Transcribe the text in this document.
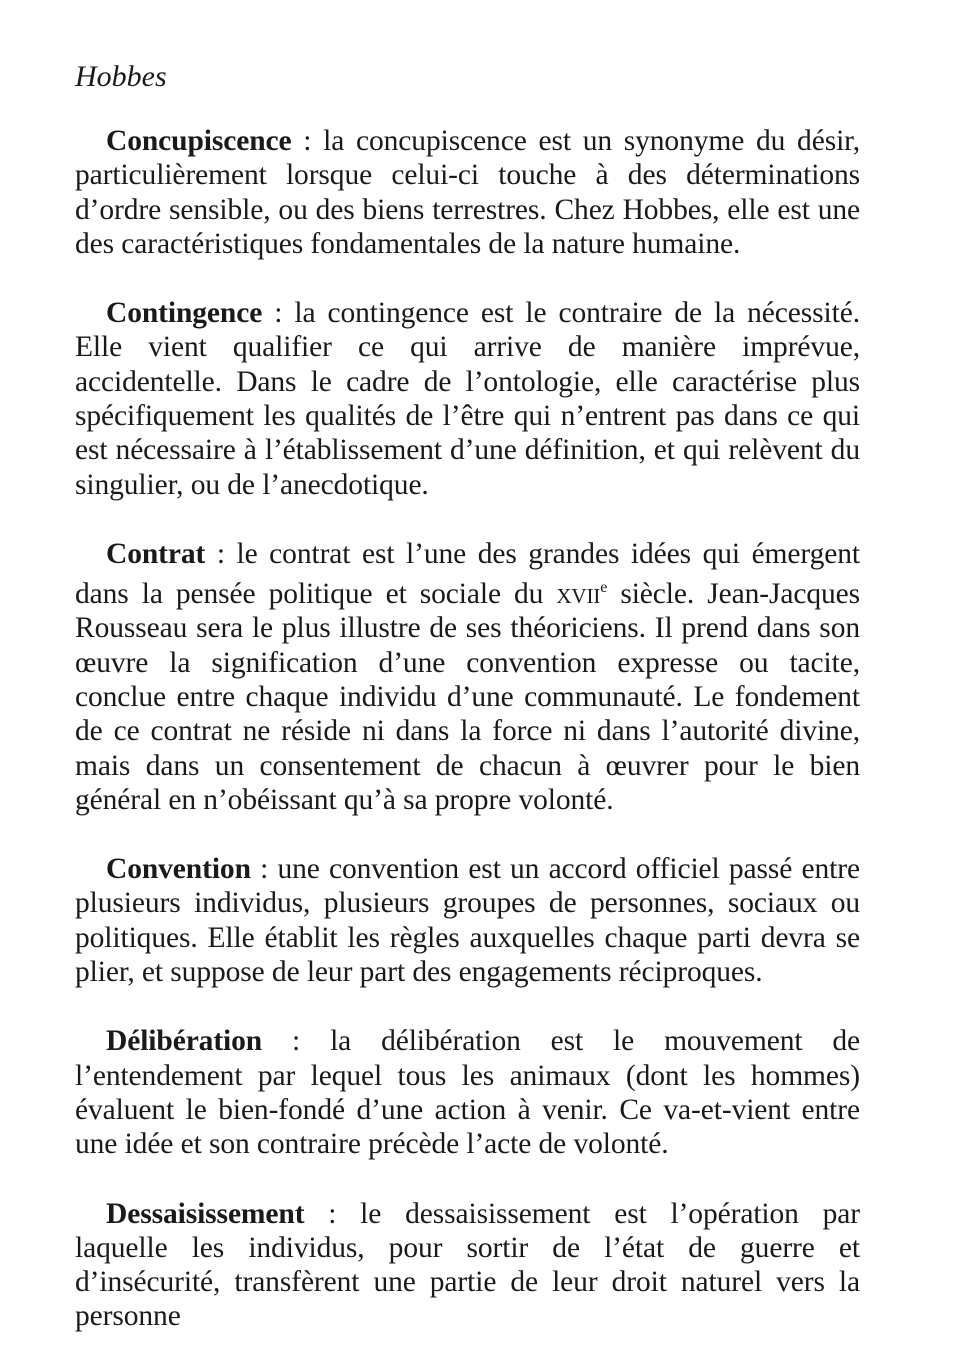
Hobbes

Concupiscence : la concupiscence est un synonyme du désir, particulièrement lorsque celui-ci touche à des déterminations d’ordre sensible, ou des biens terrestres. Chez Hobbes, elle est une des caractéristiques fondamentales de la nature humaine.

Contingence : la contingence est le contraire de la nécessité. Elle vient qualifier ce qui arrive de manière imprévue, accidentelle. Dans le cadre de l’ontologie, elle caractérise plus spécifiquement les qualités de l’être qui n’entrent pas dans ce qui est nécessaire à l’établissement d’une définition, et qui relèvent du singulier, ou de l’anecdotique.

Contrat : le contrat est l’une des grandes idées qui émergent dans la pensée politique et sociale du xvii$^e$ siècle. Jean-Jacques Rousseau sera le plus illustre de ses théoriciens. Il prend dans son œuvre la signification d’une convention expresse ou tacite, conclue entre chaque individu d’une communauté. Le fondement de ce contrat ne réside ni dans la force ni dans l’autorité divine, mais dans un consentement de chacun à œuvrer pour le bien général en n’obéissant qu’à sa propre volonté.

Convention : une convention est un accord officiel passé entre plusieurs individus, plusieurs groupes de personnes, sociaux ou politiques. Elle établit les règles auxquelles chaque parti devra se plier, et suppose de leur part des engagements réciproques.

Délibération : la délibération est le mouvement de l’entendement par lequel tous les animaux (dont les hommes) évaluent le bien-fondé d’une action à venir. Ce va-et-vient entre une idée et son contraire précède l’acte de volonté.

Dessaisissement : le dessaisissement est l’opération par laquelle les individus, pour sortir de l’état de guerre et d’insécurité, transfèrent une partie de leur droit naturel vers la personne
